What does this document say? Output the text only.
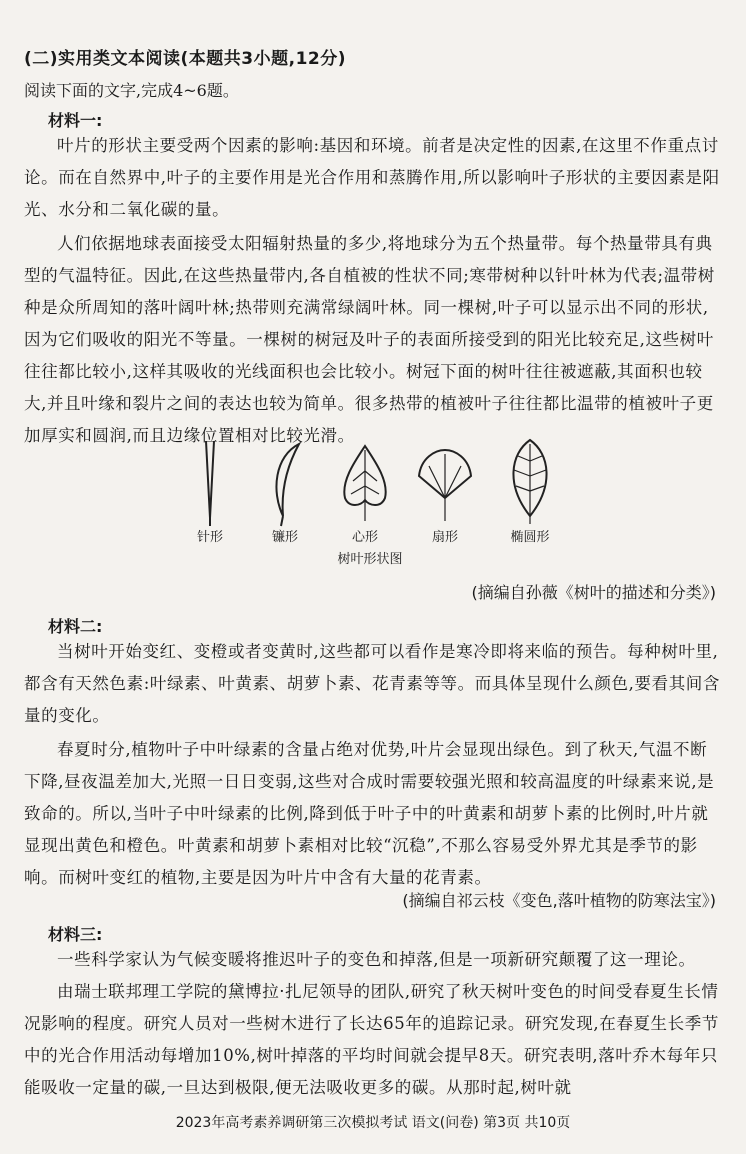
(二)实用类文本阅读(本题共3小题,12分)
阅读下面的文字,完成4~6题。
材料一:

叶片的形状主要受两个因素的影响:基因和环境。前者是决定性的因素,在这里不作重点讨论。而在自然界中,叶子的主要作用是光合作用和蒸腾作用,所以影响叶子形状的主要因素是阳光、水分和二氧化碳的量。

人们依据地球表面接受太阳辐射热量的多少,将地球分为五个热量带。每个热量带具有典型的气温特征。因此,在这些热量带内,各自植被的性状不同;寒带树种以针叶林为代表;温带树种是众所周知的落叶阔叶林;热带则充满常绿阔叶林。同一棵树,叶子可以显示出不同的形状,因为它们吸收的阳光不等量。一棵树的树冠及叶子的表面所接受到的阳光比较充足,这些树叶往往都比较小,这样其吸收的光线面积也会比较小。树冠下面的树叶往往被遮蔽,其面积也较大,并且叶缘和裂片之间的表达也较为简单。很多热带的植被叶子往往都比温带的植被叶子更加厚实和圆润,而且边缘位置相对比较光滑。

针形	镰形	心形	扇形	椭圆形
树叶形状图
(摘编自孙薇《树叶的描述和分类》)
材料二:

当树叶开始变红、变橙或者变黄时,这些都可以看作是寒冷即将来临的预告。每种树叶里,都含有天然色素:叶绿素、叶黄素、胡萝卜素、花青素等等。而具体呈现什么颜色,要看其间含量的变化。

春夏时分,植物叶子中叶绿素的含量占绝对优势,叶片会显现出绿色。到了秋天,气温不断下降,昼夜温差加大,光照一日日变弱,这些对合成时需要较强光照和较高温度的叶绿素来说,是致命的。所以,当叶子中叶绿素的比例,降到低于叶子中的叶黄素和胡萝卜素的比例时,叶片就显现出黄色和橙色。叶黄素和胡萝卜素相对比较“沉稳”,不那么容易受外界尤其是季节的影响。而树叶变红的植物,主要是因为叶片中含有大量的花青素。

(摘编自祁云枝《变色,落叶植物的防寒法宝》)
材料三:

一些科学家认为气候变暖将推迟叶子的变色和掉落,但是一项新研究颠覆了这一理论。

由瑞士联邦理工学院的黛博拉·扎尼领导的团队,研究了秋天树叶变色的时间受春夏生长情况影响的程度。研究人员对一些树木进行了长达65年的追踪记录。研究发现,在春夏生长季节中的光合作用活动每增加10%,树叶掉落的平均时间就会提早8天。研究表明,落叶乔木每年只能吸收一定量的碳,一旦达到极限,便无法吸收更多的碳。从那时起,树叶就

2023年高考素养调研第三次模拟考试 语文(问卷) 第3页 共10页
